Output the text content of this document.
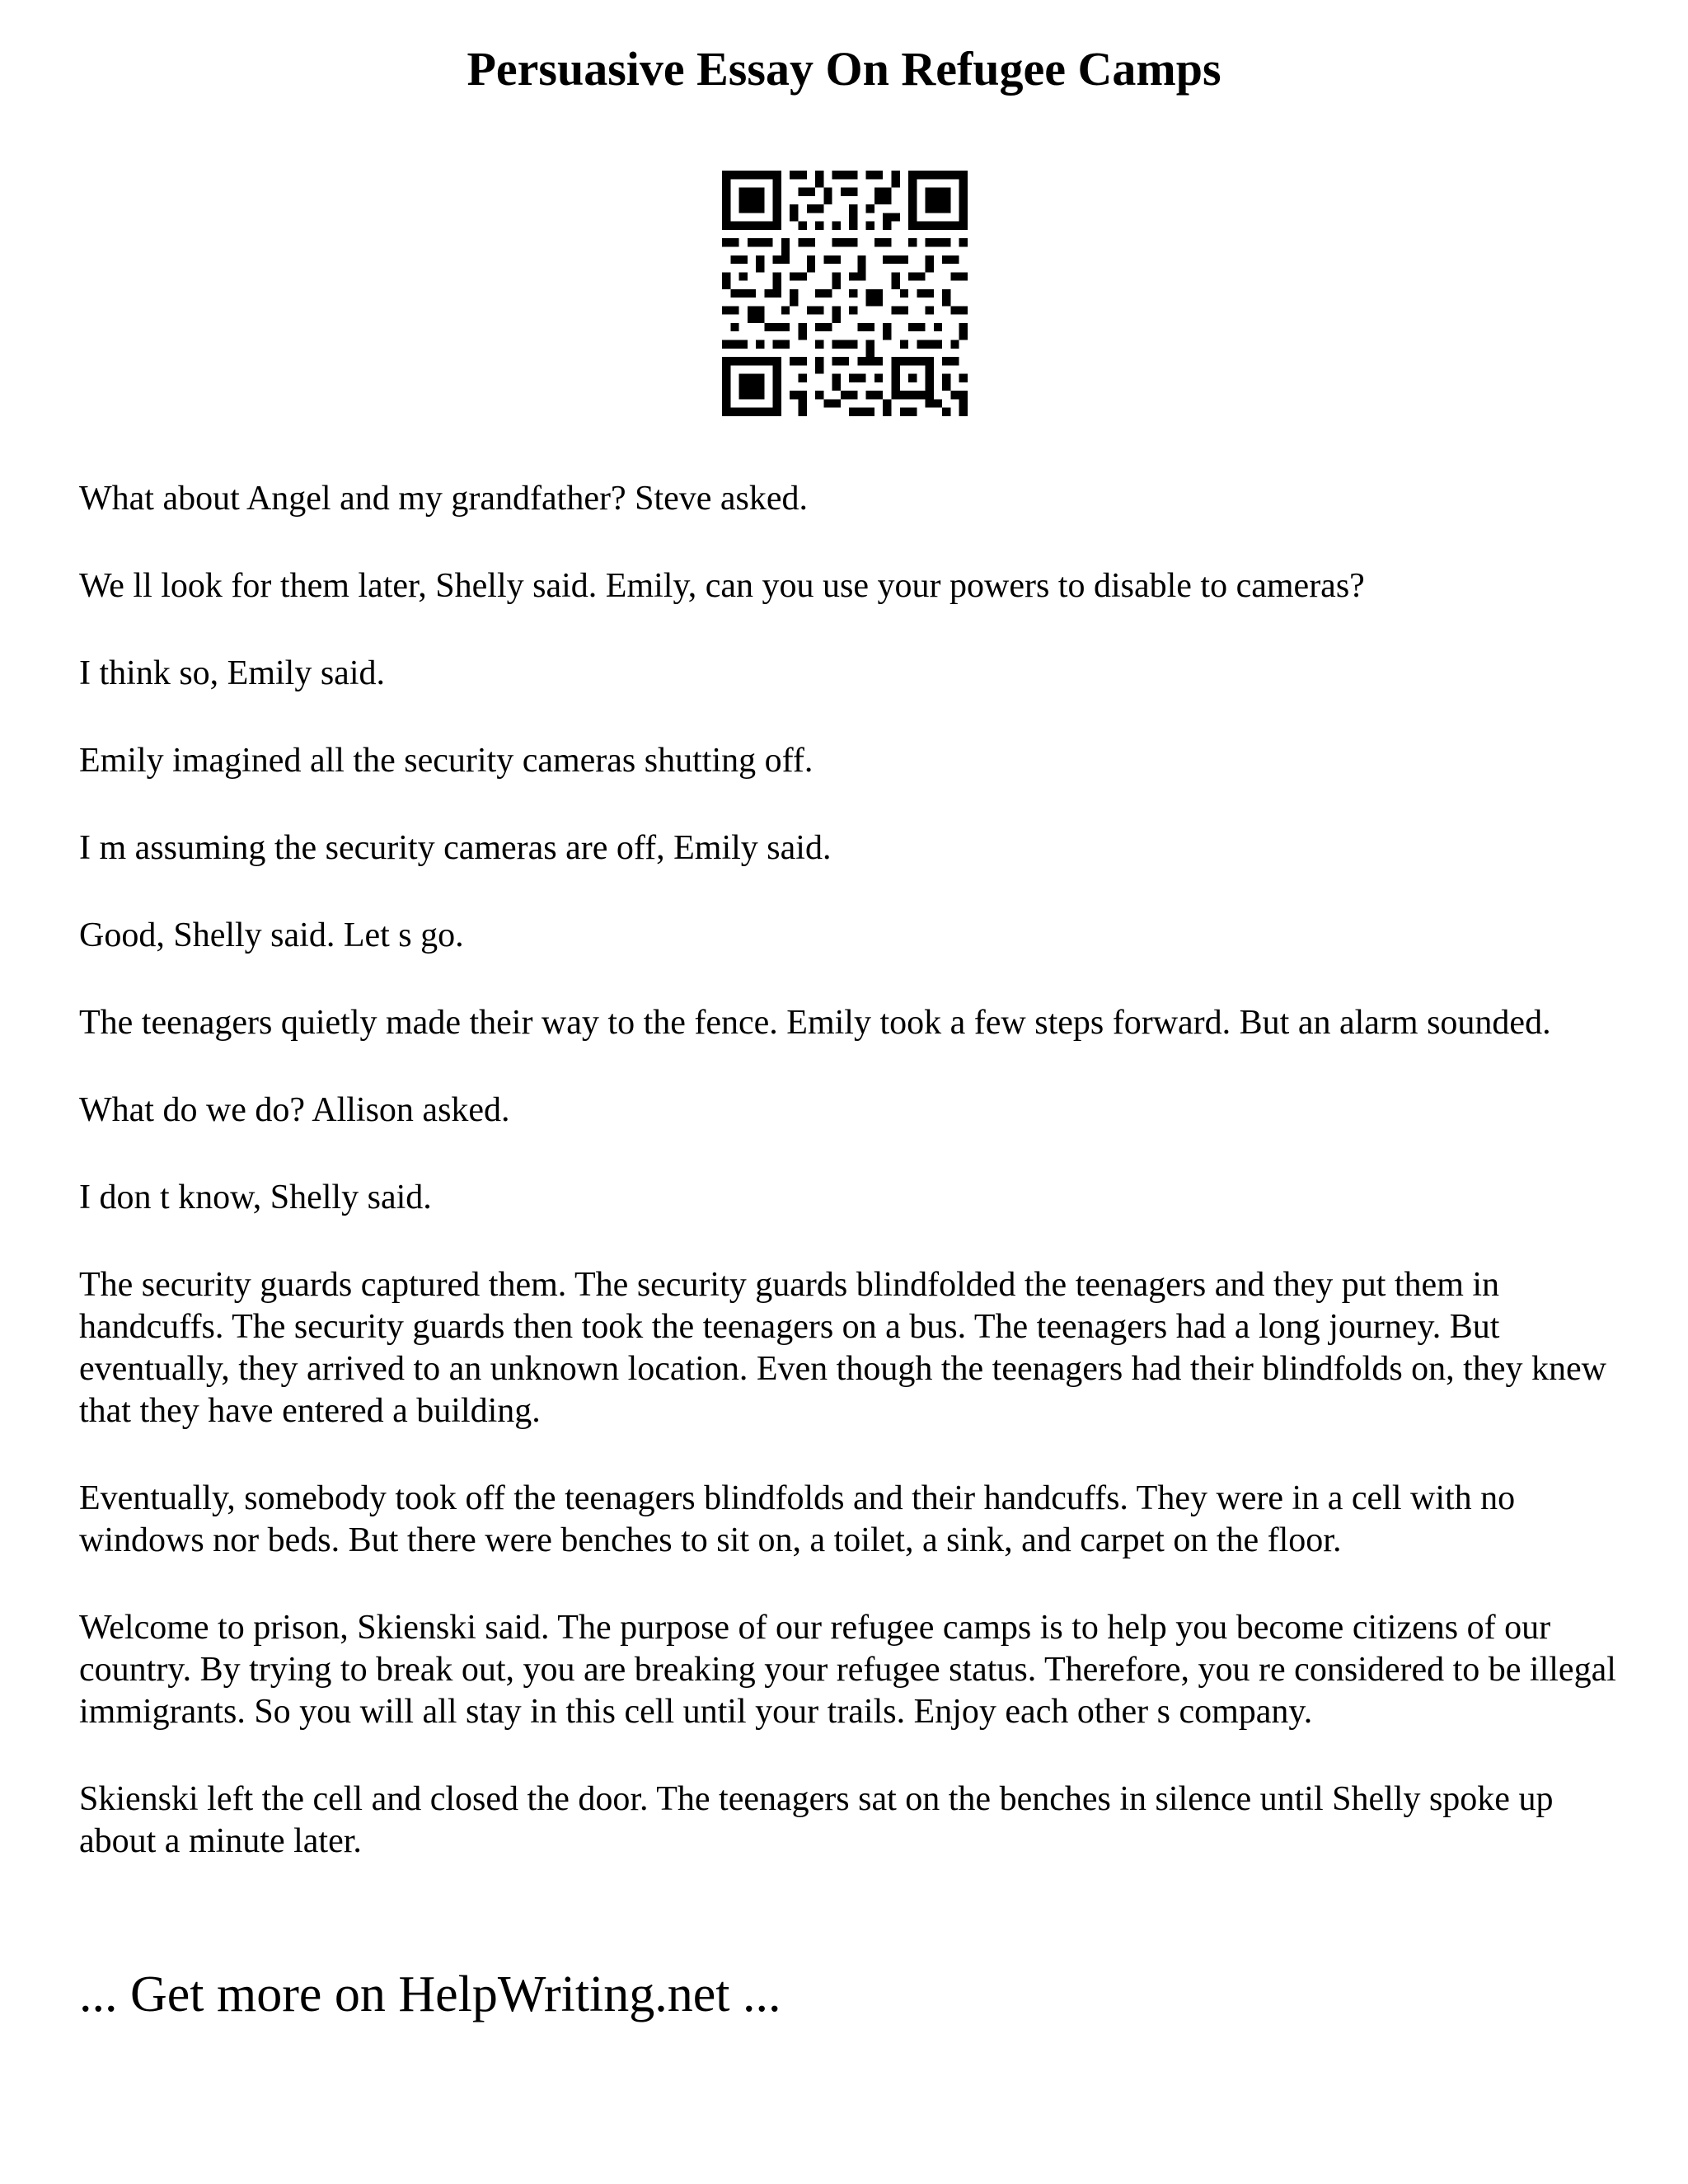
Persuasive Essay On Refugee Camps

What about Angel and my grandfather? Steve asked.

We ll look for them later, Shelly said. Emily, can you use your powers to disable to cameras?

I think so, Emily said.

Emily imagined all the security cameras shutting off.

I m assuming the security cameras are off, Emily said.

Good, Shelly said. Let s go.

The teenagers quietly made their way to the fence. Emily took a few steps forward. But an alarm sounded.

What do we do? Allison asked.

I don t know, Shelly said.

The security guards captured them. The security guards blindfolded the teenagers and they put them in handcuffs. The security guards then took the teenagers on a bus. The teenagers had a long journey. But eventually, they arrived to an unknown location. Even though the teenagers had their blindfolds on, they knew that they have entered a building.

Eventually, somebody took off the teenagers blindfolds and their handcuffs. They were in a cell with no windows nor beds. But there were benches to sit on, a toilet, a sink, and carpet on the floor.

Welcome to prison, Skienski said. The purpose of our refugee camps is to help you become citizens of our country. By trying to break out, you are breaking your refugee status. Therefore, you re considered to be illegal immigrants. So you will all stay in this cell until your trails. Enjoy each other s company.

Skienski left the cell and closed the door. The teenagers sat on the benches in silence until Shelly spoke up about a minute later.

... Get more on HelpWriting.net ...
